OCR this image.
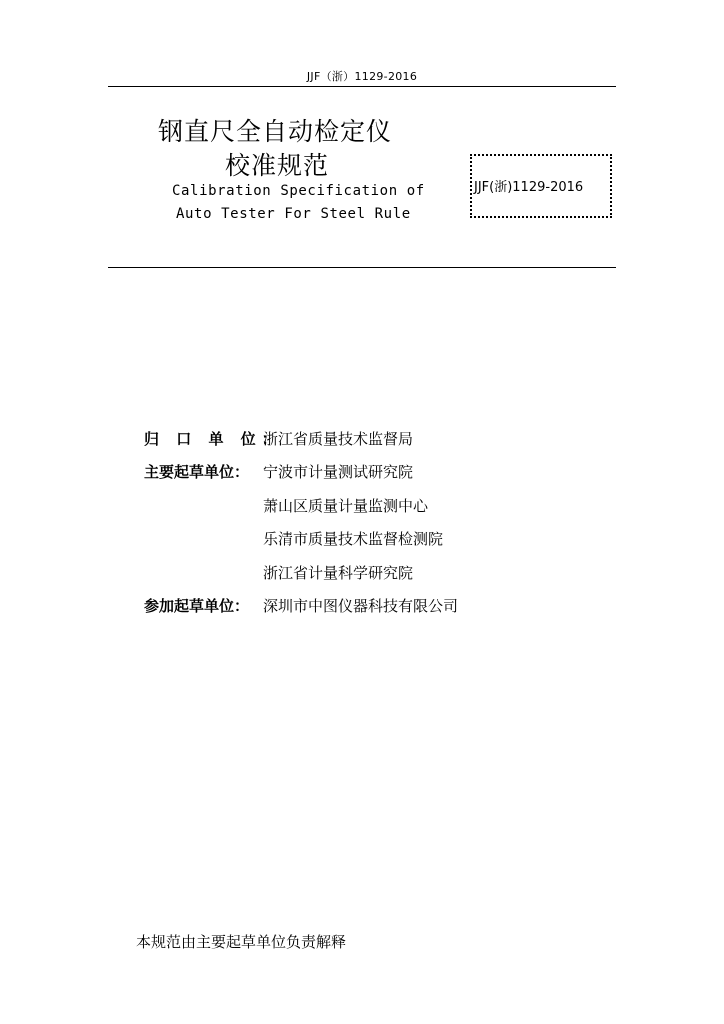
JJF（浙）1129-2016
钢直尺全自动检定仪
校准规范
Calibration Specification of
Auto Tester For Steel Rule
JJF(浙)1129-2016
归 口 单 位：
浙江省质量技术监督局
主要起草单位： 宁波市计量测试研究院
萧山区质量计量监测中心
乐清市质量技术监督检测院
浙江省计量科学研究院
参加起草单位： 深圳市中图仪器科技有限公司
本规范由主要起草单位负责解释
